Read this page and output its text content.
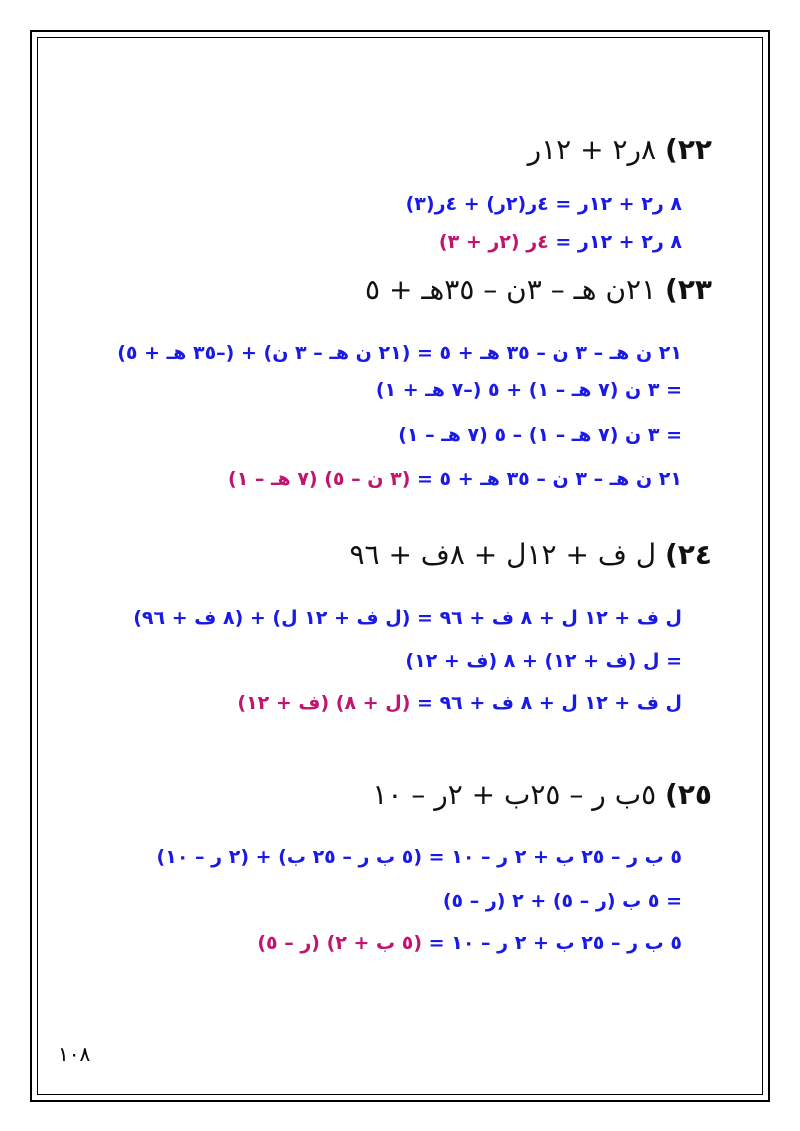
٢٢) ٨ر٢ + ١٢ر
٨ ر٢ + ١٢ر = ٤ر(٢ر) + ٤ر(٣)
٨ ر٢ + ١٢ر = ٤ر (٢ر + ٣)
٢٣) ٢١ن هـ – ٣ن – ٣٥هـ + ٥
٢١ ن هـ – ٣ ن – ٣٥ هـ + ٥ = (٢١ ن هـ – ٣ ن) + (–٣٥ هـ + ٥)
= ٣ ن (٧ هـ – ١) + ٥ (–٧ هـ + ١)
= ٣ ن (٧ هـ – ١) – ٥ (٧ هـ – ١)
٢١ ن هـ – ٣ ن – ٣٥ هـ + ٥ = (٣ ن – ٥) (٧ هـ – ١)
٢٤) ل ف + ١٢ل + ٨ف + ٩٦
ل ف + ١٢ ل + ٨ ف + ٩٦ = (ل ف + ١٢ ل) + (٨ ف + ٩٦)
= ل (ف + ١٢) + ٨ (ف + ١٢)
ل ف + ١٢ ل + ٨ ف + ٩٦ = (ل + ٨) (ف + ١٢)
٢٥) ٥ب ر – ٢٥ب + ٢ر – ١٠
٥ ب ر – ٢٥ ب + ٢ ر – ١٠ = (٥ ب ر – ٢٥ ب) + (٢ ر – ١٠)
= ٥ ب (ر – ٥) + ٢ (ر – ٥)
٥ ب ر – ٢٥ ب + ٢ ر – ١٠ = (٥ ب + ٢) (ر – ٥)
١٠٨
